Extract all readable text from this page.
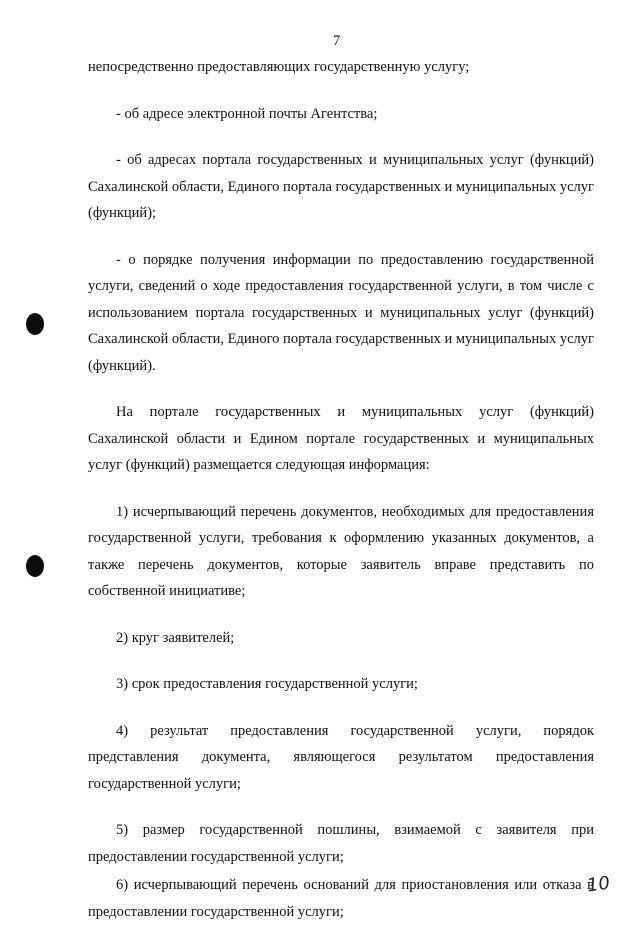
7

непосредственно предоставляющих государственную услугу;

- об адресе электронной почты Агентства;

- об адресах портала государственных и муниципальных услуг (функций) Сахалинской области, Единого портала государственных и муниципальных услуг (функций);

- о порядке получения информации по предоставлению государственной услуги, сведений о ходе предоставления государственной услуги, в том числе с использованием портала государственных и муниципальных услуг (функций) Сахалинской области, Единого портала государственных и муниципальных услуг (функций).

На портале государственных и муниципальных услуг (функций) Сахалинской области и Едином портале государственных и муниципальных услуг (функций) размещается следующая информация:

1) исчерпывающий перечень документов, необходимых для предоставления государственной услуги, требования к оформлению указанных документов, а также перечень документов, которые заявитель вправе представить по собственной инициативе;

2) круг заявителей;

3) срок предоставления государственной услуги;

4) результат предоставления государственной услуги, порядок представления документа, являющегося результатом предоставления государственной услуги;

5) размер государственной пошлины, взимаемой с заявителя при предоставлении государственной услуги;

6) исчерпывающий перечень оснований для приостановления или отказа в предоставлении государственной услуги;

10
